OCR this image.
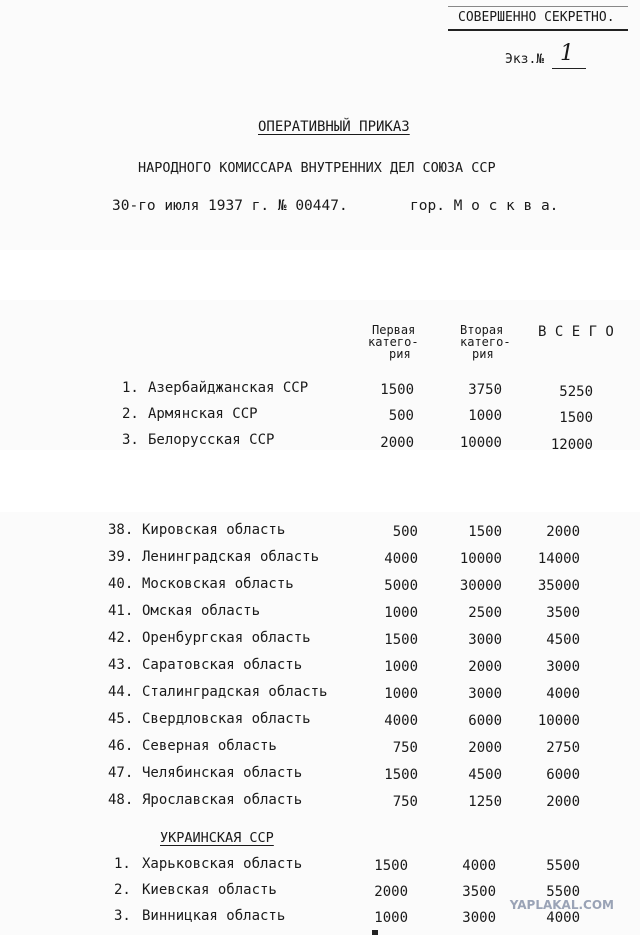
СОВЕРШЕННО СЕКРЕТНО.
Экз.№ 1
ОПЕРАТИВНЫЙ ПРИКАЗ
НАРОДНОГО КОМИССАРА ВНУТРЕННИХ ДЕЛ СОЮЗА ССР
30-го июля 1937 г. № 00447.	гор. М о с к в а.
Первая
катего-
рия
Вторая
катего-
рия
В С Е Г О
1. Азербайджанская ССР	1500	3750	5250
2. Армянская ССР	500	1000	1500
3. Белорусская ССР	2000	10000	12000
38. Кировская область	500	1500	2000
39. Ленинградская область	4000	10000	14000
40. Московская область	5000	30000	35000
41. Омская область	1000	2500	3500
42. Оренбургская область	1500	3000	4500
43. Саратовская область	1000	2000	3000
44. Сталинградская область	1000	3000	4000
45. Свердловская область	4000	6000	10000
46. Северная область	750	2000	2750
47. Челябинская область	1500	4500	6000
48. Ярославская область	750	1250	2000
УКРАИНСКАЯ ССР
1. Харьковская область	1500	4000	5500
2. Киевская область	2000	3500	5500
3. Винницкая область	1000	3000	4000
YAPLAKAL.COM
